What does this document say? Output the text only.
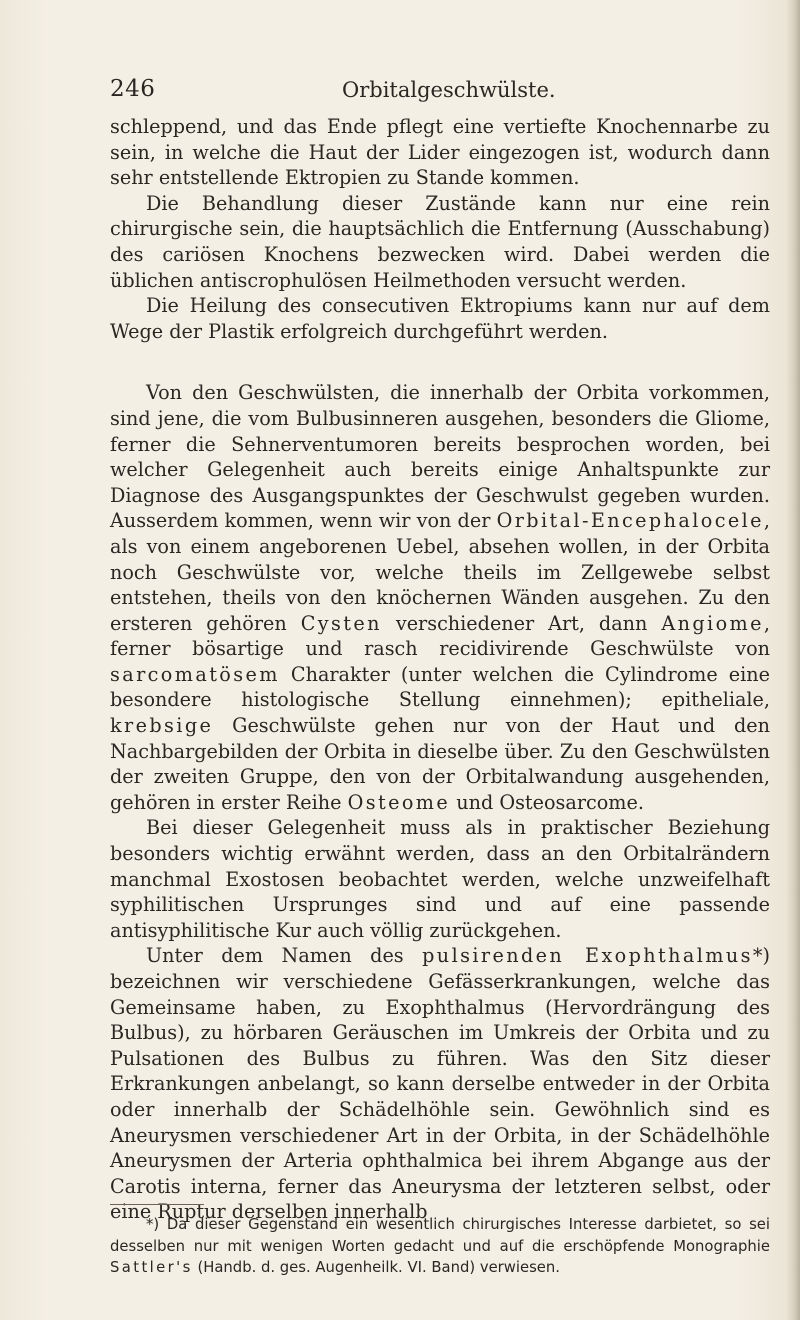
246	Orbitalgeschwülste.

schleppend, und das Ende pflegt eine vertiefte Knochennarbe zu sein, in welche die Haut der Lider eingezogen ist, wodurch dann sehr entstellende Ektropien zu Stande kommen.

Die Behandlung dieser Zustände kann nur eine rein chirurgische sein, die hauptsächlich die Entfernung (Ausschabung) des cariösen Knochens bezwecken wird. Dabei werden die üblichen antiscrophulösen Heilmethoden versucht werden.

Die Heilung des consecutiven Ektropiums kann nur auf dem Wege der Plastik erfolgreich durchgeführt werden.

Von den Geschwülsten, die innerhalb der Orbita vorkommen, sind jene, die vom Bulbusinneren ausgehen, besonders die Gliome, ferner die Sehnerventumoren bereits besprochen worden, bei welcher Gelegenheit auch bereits einige Anhaltspunkte zur Diagnose des Ausgangspunktes der Geschwulst gegeben wurden. Ausserdem kommen, wenn wir von der Orbital-Encephalocele, als von einem angeborenen Uebel, absehen wollen, in der Orbita noch Geschwülste vor, welche theils im Zellgewebe selbst entstehen, theils von den knöchernen Wänden ausgehen. Zu den ersteren gehören Cysten verschiedener Art, dann Angiome, ferner bösartige und rasch recidivirende Geschwülste von sarcomatösem Charakter (unter welchen die Cylindrome eine besondere histologische Stellung einnehmen); epitheliale, krebsige Geschwülste gehen nur von der Haut und den Nachbargebilden der Orbita in dieselbe über. Zu den Geschwülsten der zweiten Gruppe, den von der Orbitalwandung ausgehenden, gehören in erster Reihe Osteome und Osteosarcome.

Bei dieser Gelegenheit muss als in praktischer Beziehung besonders wichtig erwähnt werden, dass an den Orbitalrändern manchmal Exostosen beobachtet werden, welche unzweifelhaft syphilitischen Ursprunges sind und auf eine passende antisyphilitische Kur auch völlig zurückgehen.

Unter dem Namen des pulsirenden Exophthalmus*) bezeichnen wir verschiedene Gefässerkrankungen, welche das Gemeinsame haben, zu Exophthalmus (Hervordrängung des Bulbus), zu hörbaren Geräuschen im Umkreis der Orbita und zu Pulsationen des Bulbus zu führen. Was den Sitz dieser Erkrankungen anbelangt, so kann derselbe entweder in der Orbita oder innerhalb der Schädelhöhle sein. Gewöhnlich sind es Aneurysmen verschiedener Art in der Orbita, in der Schädelhöhle Aneurysmen der Arteria ophthalmica bei ihrem Abgange aus der Carotis interna, ferner das Aneurysma der letzteren selbst, oder eine Ruptur derselben innerhalb

*) Da dieser Gegenstand ein wesentlich chirurgisches Interesse darbietet, so sei desselben nur mit wenigen Worten gedacht und auf die erschöpfende Monographie Sattler's (Handb. d. ges. Augenheilk. VI. Band) verwiesen.
